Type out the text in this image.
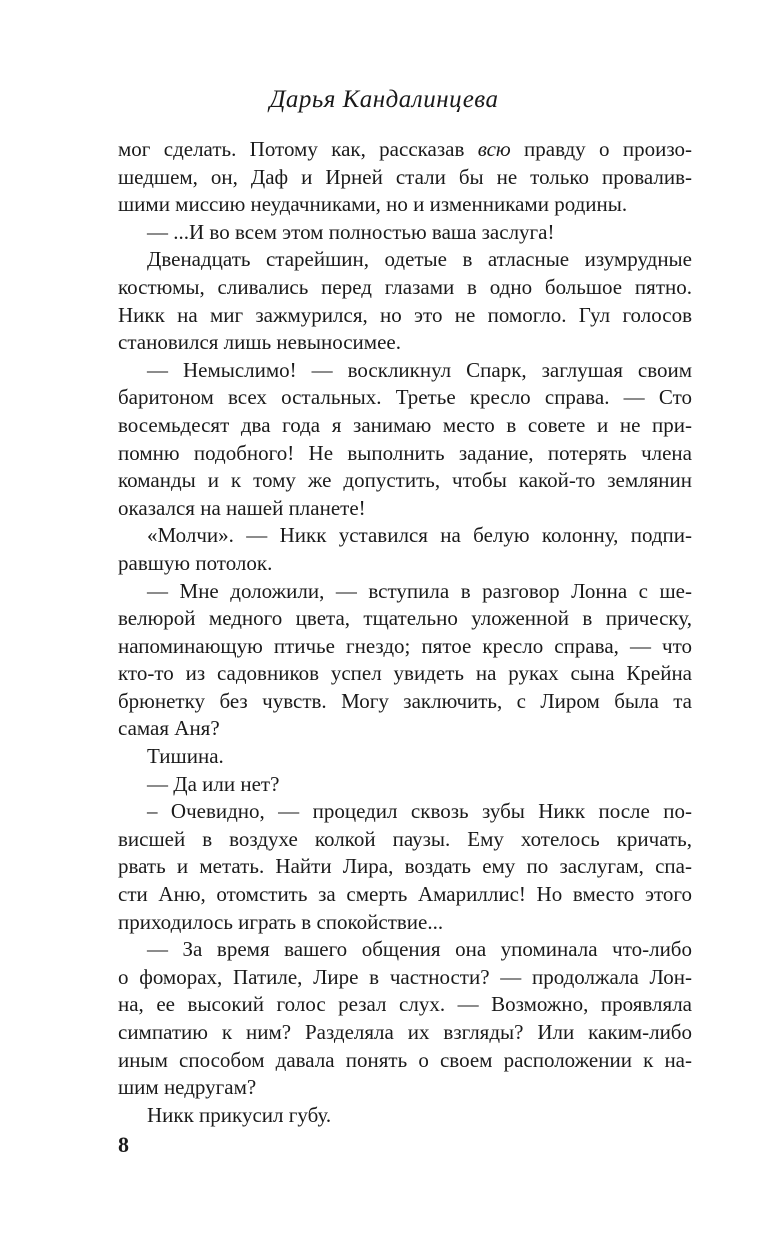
Дарья Кандалинцева
мог сделать. Потому как, рассказав всю правду о произо-
шедшем, он, Даф и Ирней стали бы не только провалив-
шими миссию неудачниками, но и изменниками родины.
— ...И во всем этом полностью ваша заслуга!
Двенадцать старейшин, одетые в атласные изумрудные
костюмы, сливались перед глазами в одно большое пятно.
Никк на миг зажмурился, но это не помогло. Гул голосов
становился лишь невыносимее.
— Немыслимо! — воскликнул Спарк, заглушая своим
баритоном всех остальных. Третье кресло справа. — Сто
восемьдесят два года я занимаю место в совете и не при-
помню подобного! Не выполнить задание, потерять члена
команды и к тому же допустить, чтобы какой-то землянин
оказался на нашей планете!
«Молчи». — Никк уставился на белую колонну, подпи-
равшую потолок.
— Мне доложили, — вступила в разговор Лонна с ше-
велюрой медного цвета, тщательно уложенной в прическу,
напоминающую птичье гнездо; пятое кресло справа, — что
кто-то из садовников успел увидеть на руках сына Крейна
брюнетку без чувств. Могу заключить, с Лиром была та
самая Аня?
Тишина.
— Да или нет?
– Очевидно, — процедил сквозь зубы Никк после по-
висшей в воздухе колкой паузы. Ему хотелось кричать,
рвать и метать. Найти Лира, воздать ему по заслугам, спа-
сти Аню, отомстить за смерть Амариллис! Но вместо этого
приходилось играть в спокойствие...
— За время вашего общения она упоминала что-либо
о фоморах, Патиле, Лире в частности? — продолжала Лон-
на, ее высокий голос резал слух. — Возможно, проявляла
симпатию к ним? Разделяла их взгляды? Или каким-либо
иным способом давала понять о своем расположении к на-
шим недругам?
Никк прикусил губу.
8
